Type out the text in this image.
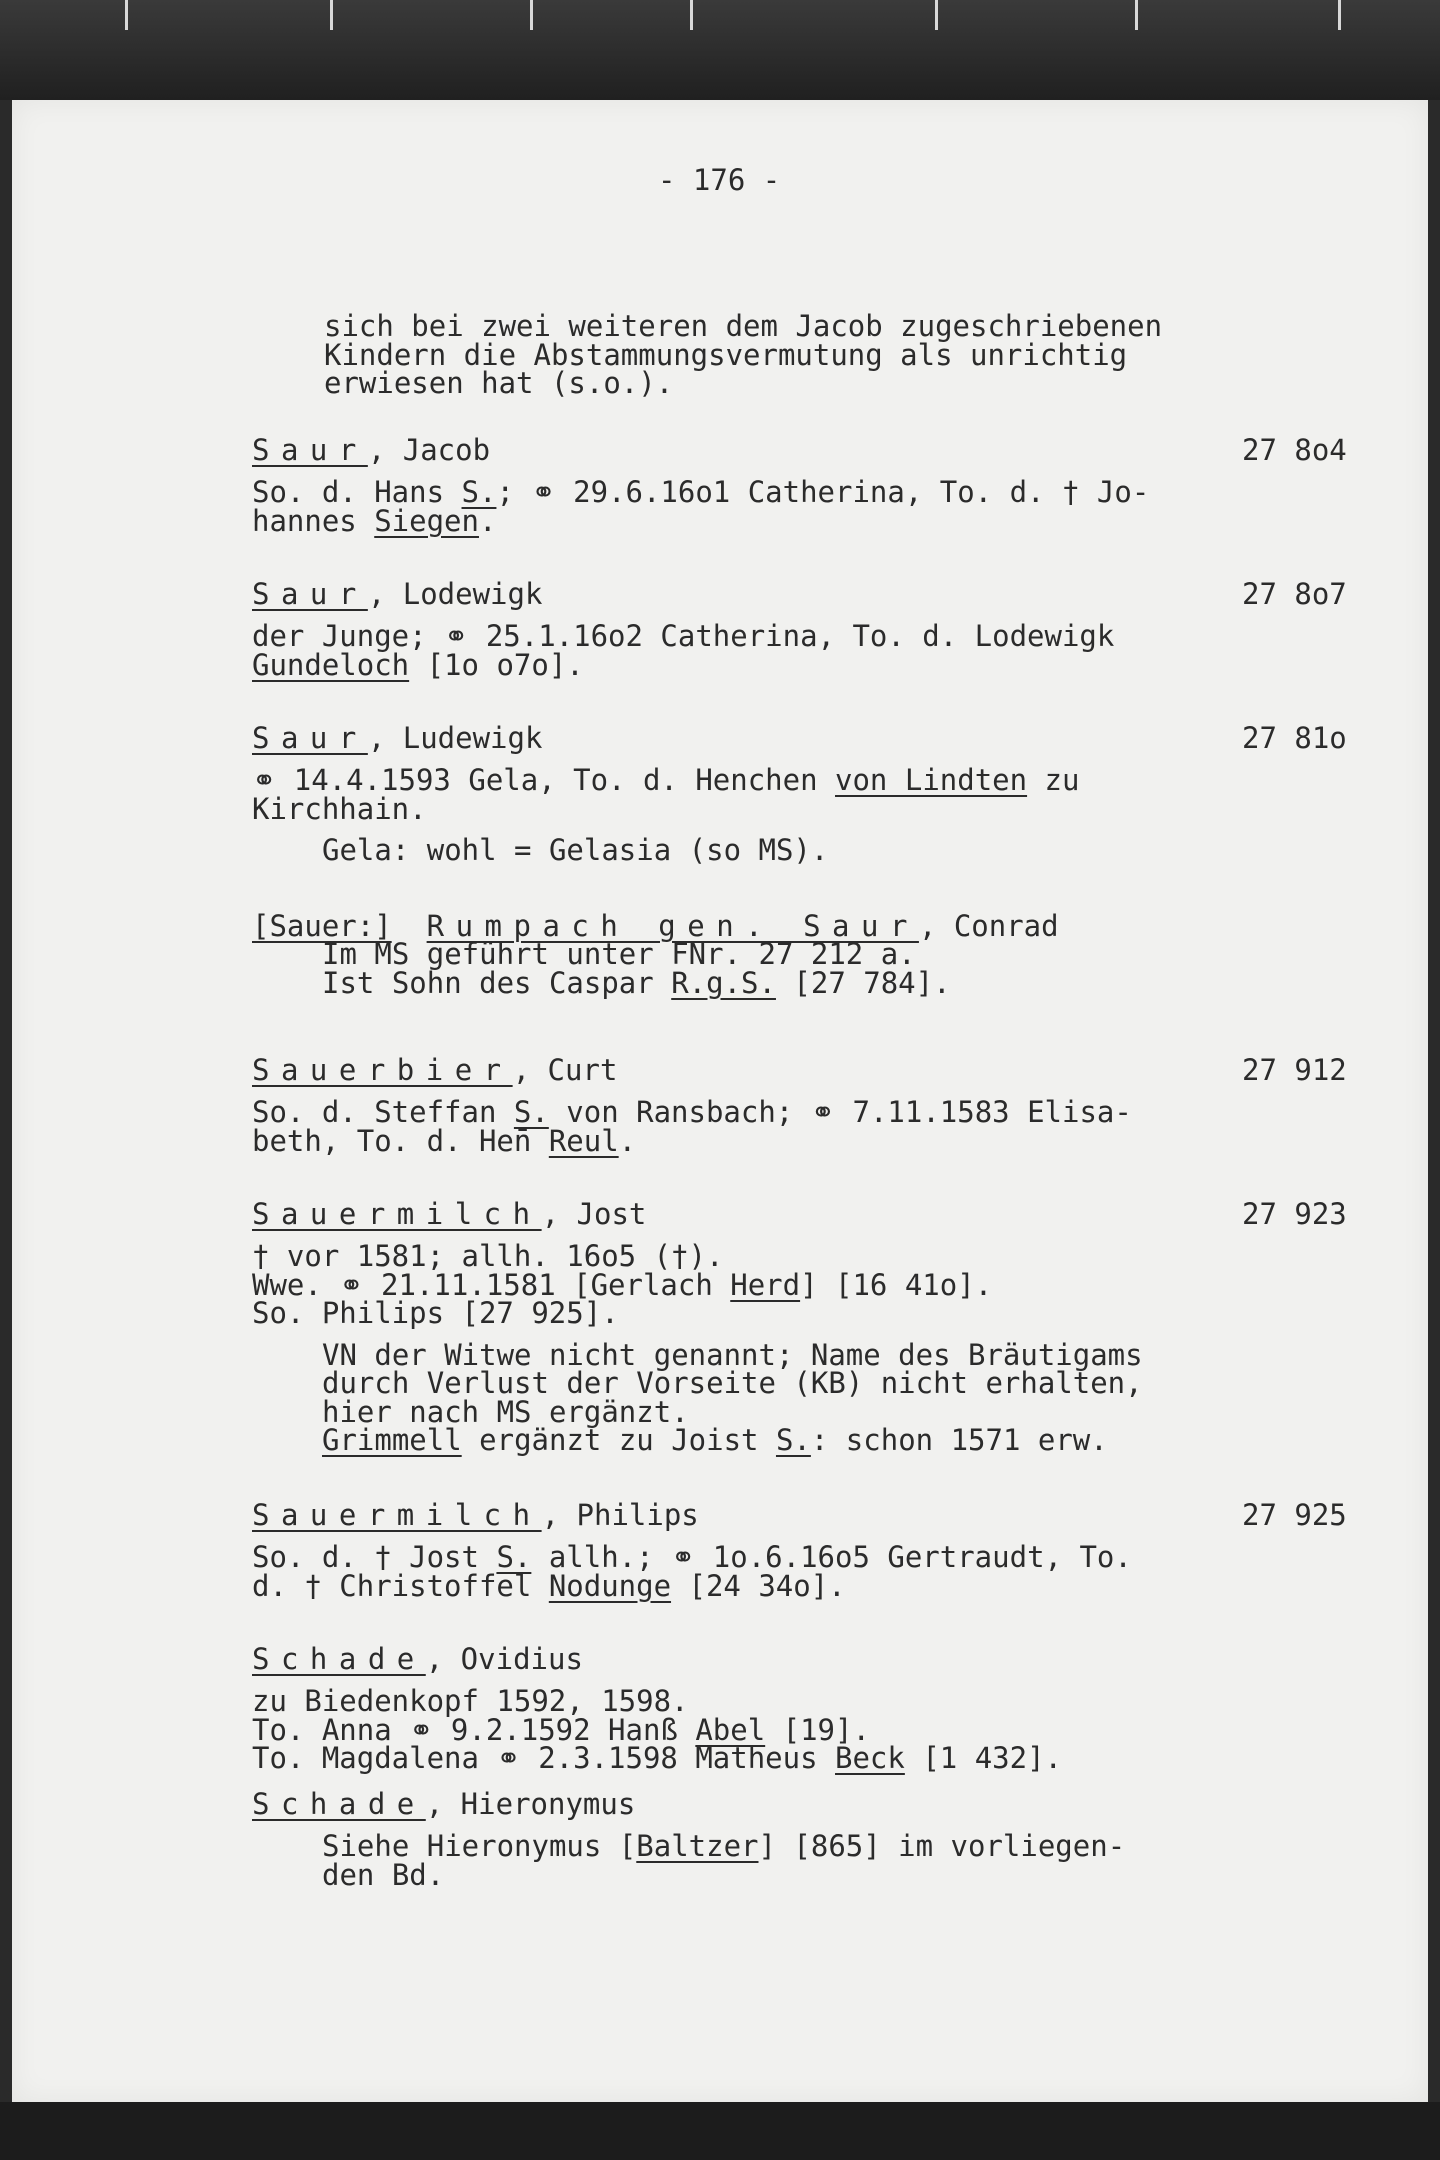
- 176 -
sich bei zwei weiteren dem Jacob zugeschriebenen
Kindern die Abstammungsvermutung als unrichtig
erwiesen hat (s.o.).
Saur, Jacob	27 8o4
So. d. Hans S.; ⚭ 29.6.16o1 Catherina, To. d. † Jo-
hannes Siegen.
Saur, Lodewigk	27 8o7
der Junge; ⚭ 25.1.16o2 Catherina, To. d. Lodewigk
Gundeloch [1o o7o].
Saur, Ludewigk	27 81o
⚭ 14.4.1593 Gela, To. d. Henchen von Lindten zu
Kirchhain.
Gela: wohl = Gelasia (so MS).
[Sauer:] Rumpach gen. Saur, Conrad
Im MS geführt unter FNr. 27 212 a.
Ist Sohn des Caspar R.g.S. [27 784].
Sauerbier, Curt	27 912
So. d. Steffan S. von Ransbach; ⚭ 7.11.1583 Elisa-
beth, To. d. Hen̄ Reul.
Sauermilch, Jost	27 923
† vor 1581; allh. 16o5 (†).
Wwe. ⚭ 21.11.1581 [Gerlach Herd] [16 41o].
So. Philips [27 925].
VN der Witwe nicht genannt; Name des Bräutigams
durch Verlust der Vorseite (KB) nicht erhalten,
hier nach MS ergänzt.
Grimmell ergänzt zu Joist S.: schon 1571 erw.
Sauermilch, Philips	27 925
So. d. † Jost S. allh.; ⚭ 1o.6.16o5 Gertraudt, To.
d. † Christoffel Nodunge [24 34o].
Schade, Ovidius
zu Biedenkopf 1592, 1598.
To. Anna ⚭ 9.2.1592 Hanß Abel [19].
To. Magdalena ⚭ 2.3.1598 Matheus Beck [1 432].
Schade, Hieronymus
Siehe Hieronymus [Baltzer] [865] im vorliegen-
den Bd.
